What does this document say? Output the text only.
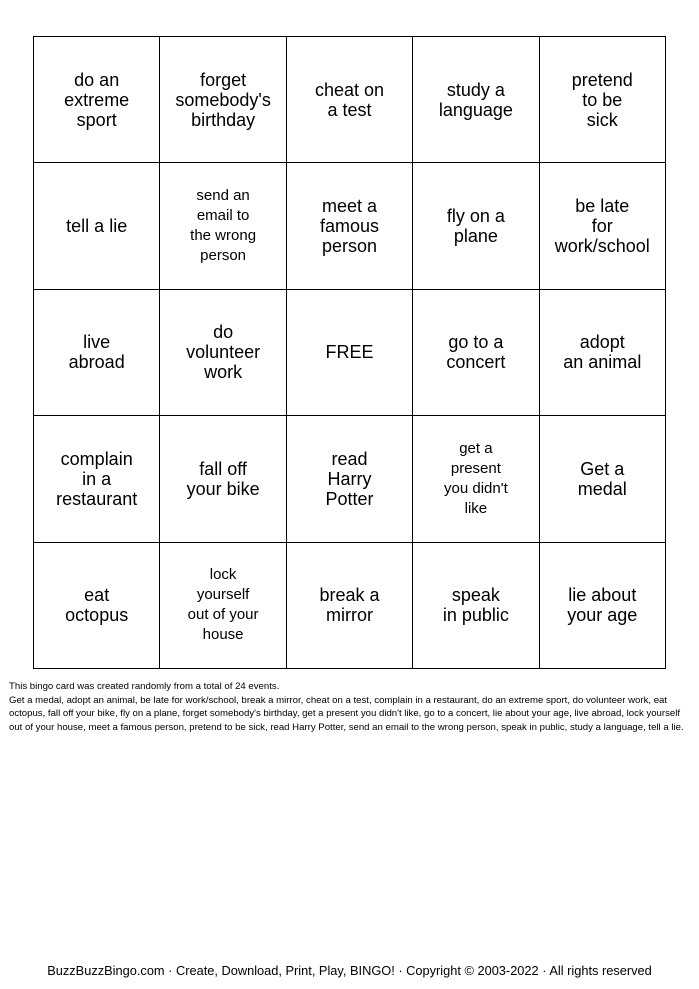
do an
extreme
sport
forget
somebody's
birthday
cheat on
a test
study a
language
pretend
to be
sick
tell a lie
send an
email to
the wrong
person
meet a
famous
person
fly on a
plane
be late
for
work/school
live
abroad
do
volunteer
work
FREE	go to a
concert
adopt
an animal
complain
in a
restaurant
fall off
your bike
read
Harry
Potter
get a
present
you didn't
like
Get a
medal
eat
octopus
lock
yourself
out of your
house
break a
mirror
speak
in public
lie about
your age

This bingo card was created randomly from a total of 24 events.

Get a medal, adopt an animal, be late for work/school, break a mirror, cheat on a test, complain in a restaurant, do an extreme sport, do volunteer work, eat octopus, fall off your bike, fly on a plane, forget somebody's birthday, get a present you didn't like, go to a concert, lie about your age, live abroad, lock yourself out of your house, meet a famous person, pretend to be sick, read Harry Potter, send an email to the wrong person, speak in public, study a language, tell a lie.

BuzzBuzzBingo.com · Create, Download, Print, Play, BINGO! · Copyright © 2003-2022 · All rights reserved
